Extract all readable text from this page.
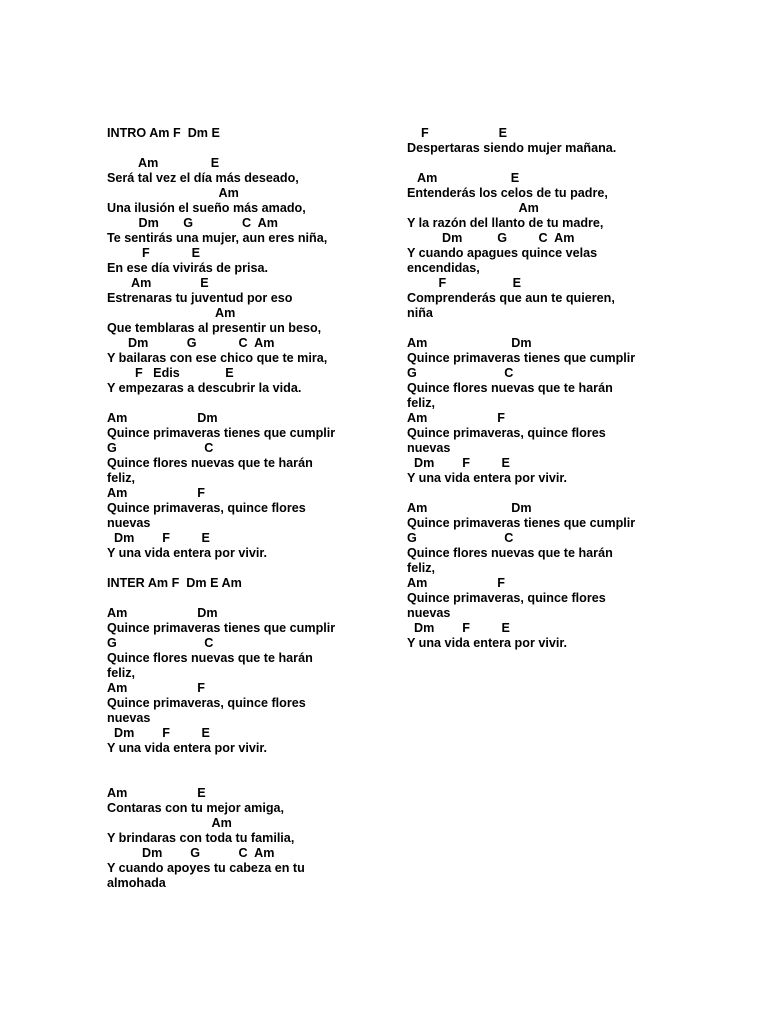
INTRO Am F  Dm E
Am               E
Será tal vez el día más deseado,
Am
Una ilusión el sueño más amado,
Dm       G              C  Am
Te sentirás una mujer, aun eres niña,
F            E
En ese día vivirás de prisa.
Am              E
Estrenaras tu juventud por eso
Am
Que temblaras al presentir un beso,
Dm           G            C  Am
Y bailaras con ese chico que te mira,
F   Edis             E
Y empezaras a descubrir la vida.
Am                    Dm
Quince primaveras tienes que cumplir
G                         C
Quince flores nuevas que te harán
feliz,
Am                    F
Quince primaveras, quince flores
nuevas
Dm        F         E
Y una vida entera por vivir.
INTER Am F  Dm E Am
Am                    Dm
Quince primaveras tienes que cumplir
G                         C
Quince flores nuevas que te harán
feliz,
Am                    F
Quince primaveras, quince flores
nuevas
Dm        F         E
Y una vida entera por vivir.
Am                    E
Contaras con tu mejor amiga,
Am
Y brindaras con toda tu familia,
Dm        G           C  Am
Y cuando apoyes tu cabeza en tu
almohada
F                    E
Despertaras siendo mujer mañana.
Am                     E
Entenderás los celos de tu padre,
Am
Y la razón del llanto de tu madre,
Dm          G         C  Am
Y cuando apagues quince velas
encendidas,
F                   E
Comprenderás que aun te quieren,
niña
Am                        Dm
Quince primaveras tienes que cumplir
G                         C
Quince flores nuevas que te harán
feliz,
Am                    F
Quince primaveras, quince flores
nuevas
Dm        F         E
Y una vida entera por vivir.
Am                        Dm
Quince primaveras tienes que cumplir
G                         C
Quince flores nuevas que te harán
feliz,
Am                    F
Quince primaveras, quince flores
nuevas
Dm        F         E
Y una vida entera por vivir.
